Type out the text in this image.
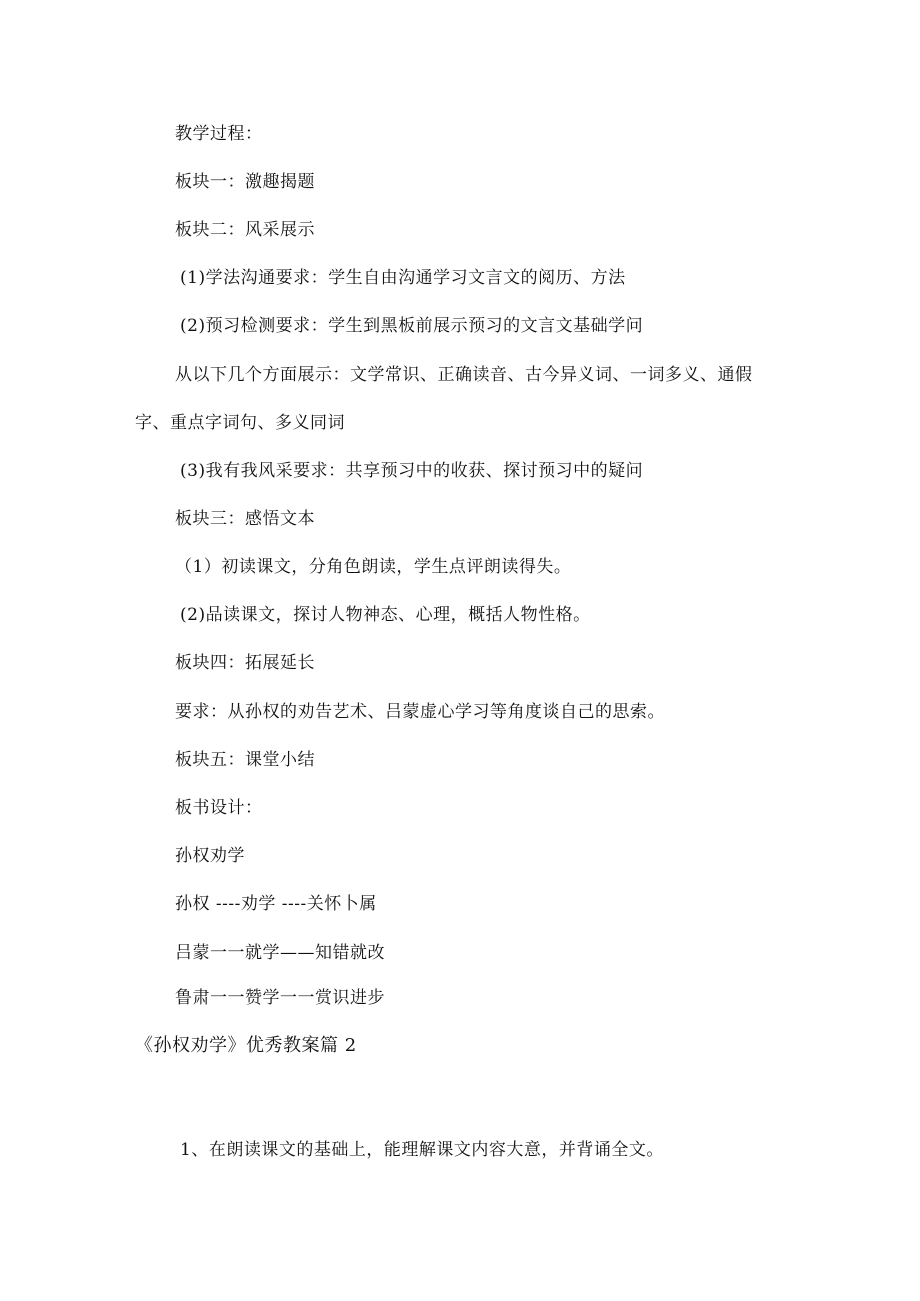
教学过程：
板块一：激趣揭题
板块二：风采展示
(1)学法沟通要求：学生自由沟通学习文言文的阅历、方法
(2)预习检测要求：学生到黑板前展示预习的文言文基础学问
从以下几个方面展示：文学常识、正确读音、古今异义词、一词多义、通假
字、重点字词句、多义同词
(3)我有我风采要求：共享预习中的收获、探讨预习中的疑问
板块三：感悟文本
（1）初读课文，分角色朗读，学生点评朗读得失。
(2)品读课文，探讨人物神态、心理，概括人物性格。
板块四：拓展延长
要求：从孙权的劝告艺术、吕蒙虚心学习等角度谈自己的思索。
板块五：课堂小结
板书设计：
孙权劝学
孙权 ----劝学 ----关怀卜属
吕蒙一一就学——知错就改
鲁肃一一赞学一一赏识进步
《孙权劝学》优秀教案篇 2
1、在朗读课文的基础上，能理解课文内容大意，并背诵全文。
